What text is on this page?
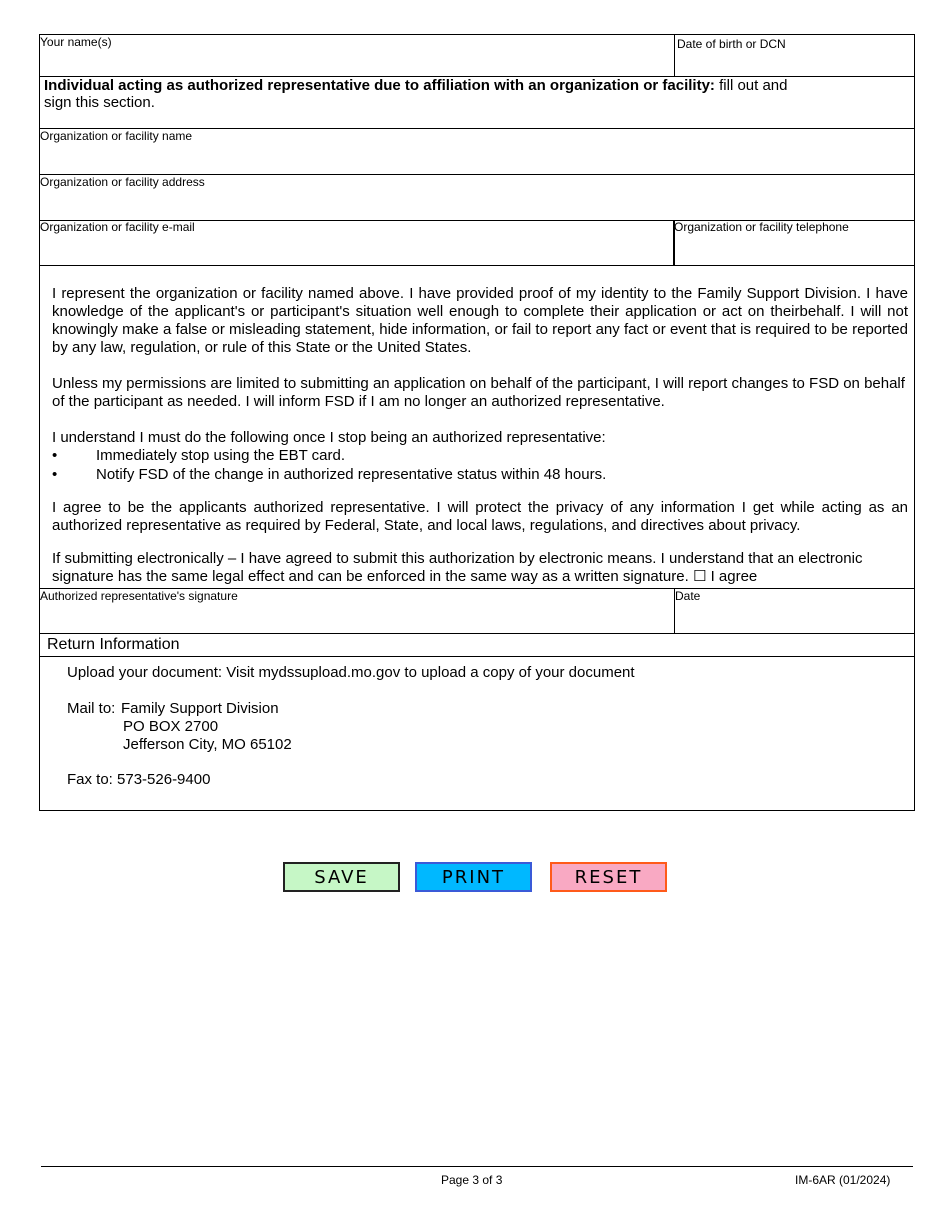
Your name(s)	Date of birth or DCN
Individual acting as authorized representative due to affiliation with an organization or facility: fill out and
sign this section.
Organization or facility name
Organization or facility address
Organization or facility e-mail	Organization or facility telephone

I represent the organization or facility named above. I have provided proof of my identity to the Family Support Division. I have knowledge of the applicant's or participant's situation well enough to complete their application or act on theirbehalf. I will not knowingly make a false or misleading statement, hide information, or fail to report any fact or event that is required to be reported by any law, regulation, or rule of this State or the United States.

Unless my permissions are limited to submitting an application on behalf of the participant, I will report changes to FSD on behalf of the participant as needed. I will inform FSD if I am no longer an authorized representative.

I understand I must do the following once I stop being an authorized representative:

•	Immediately stop using the EBT card.
•	Notify FSD of the change in authorized representative status within 48 hours.

I agree to be the applicants authorized representative. I will protect the privacy of any information I get while acting as an authorized representative as required by Federal, State, and local laws, regulations, and directives about privacy.

If submitting electronically – I have agreed to submit this authorization by electronic means. I understand that an electronic signature has the same legal effect and can be enforced in the same way as a written signature. ☐ I agree

Authorized representative's signature	Date
Return Information
Upload your document: Visit mydssupload.mo.gov to upload a copy of your document
Mail to: Family Support Division
PO BOX 2700
Jefferson City, MO 65102
Fax to: 573-526-9400
SAVE	PRINT	RESET
Page 3 of 3	IM-6AR (01/2024)
